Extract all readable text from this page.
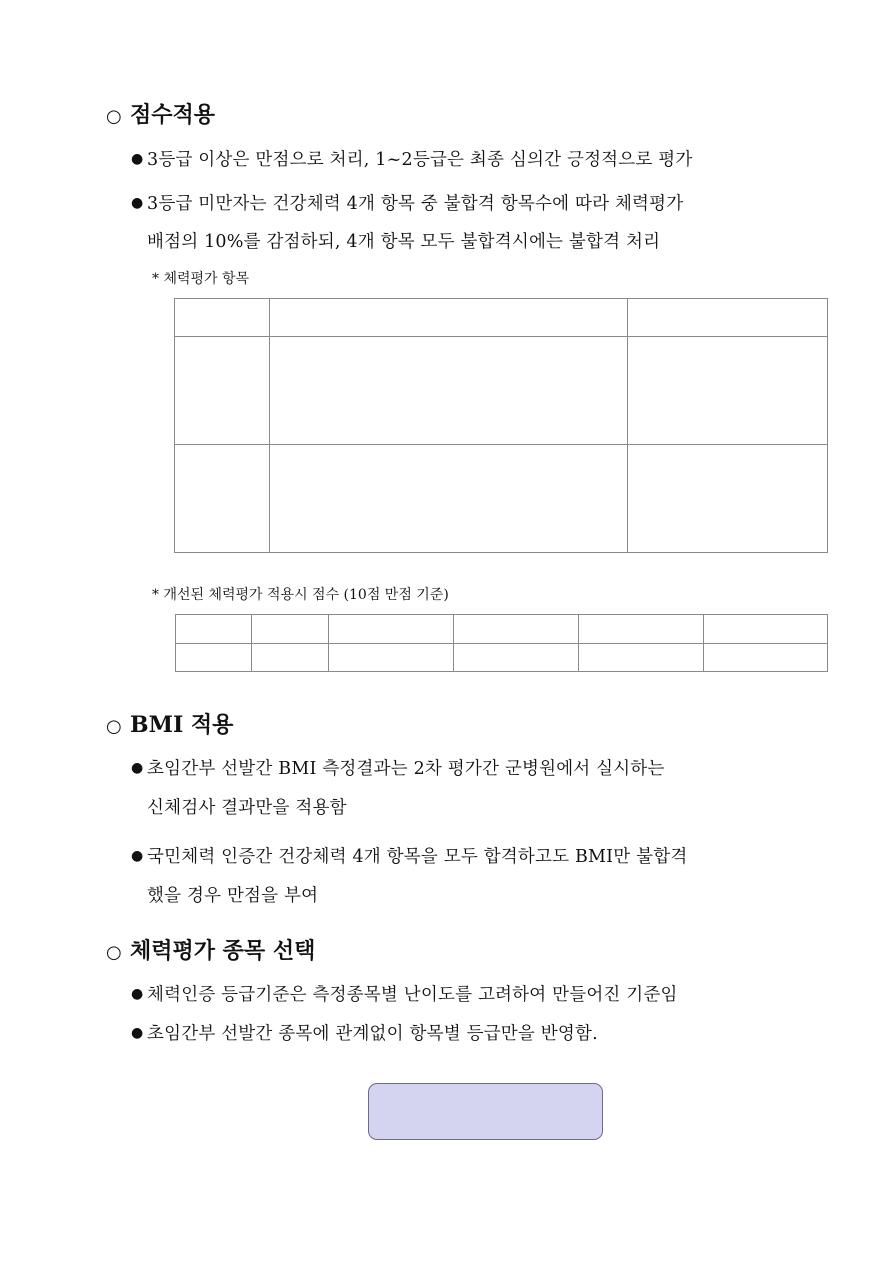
○ 점수적용
● 3등급 이상은 만점으로 처리, 1~2등급은 최종 심의간 긍정적으로 평가
● 3등급 미만자는 건강체력 4개 항목 중 불합격 항목수에 따라 체력평가
배점의 10%를 감점하되, 4개 항목 모두 불합격시에는 불합격 처리
* 체력평가 항목

* 개선된 체력평가 적용시 점수 (10점 만점 기준)

○ BMI 적용
● 초임간부 선발간 BMI 측정결과는 2차 평가간 군병원에서 실시하는
신체검사 결과만을 적용함
● 국민체력 인증간 건강체력 4개 항목을 모두 합격하고도 BMI만 불합격
했을 경우 만점을 부여
○ 체력평가 종목 선택
● 체력인증 등급기준은 측정종목별 난이도를 고려하여 만들어진 기준임
● 초임간부 선발간 종목에 관계없이 항목별 등급만을 반영함.
